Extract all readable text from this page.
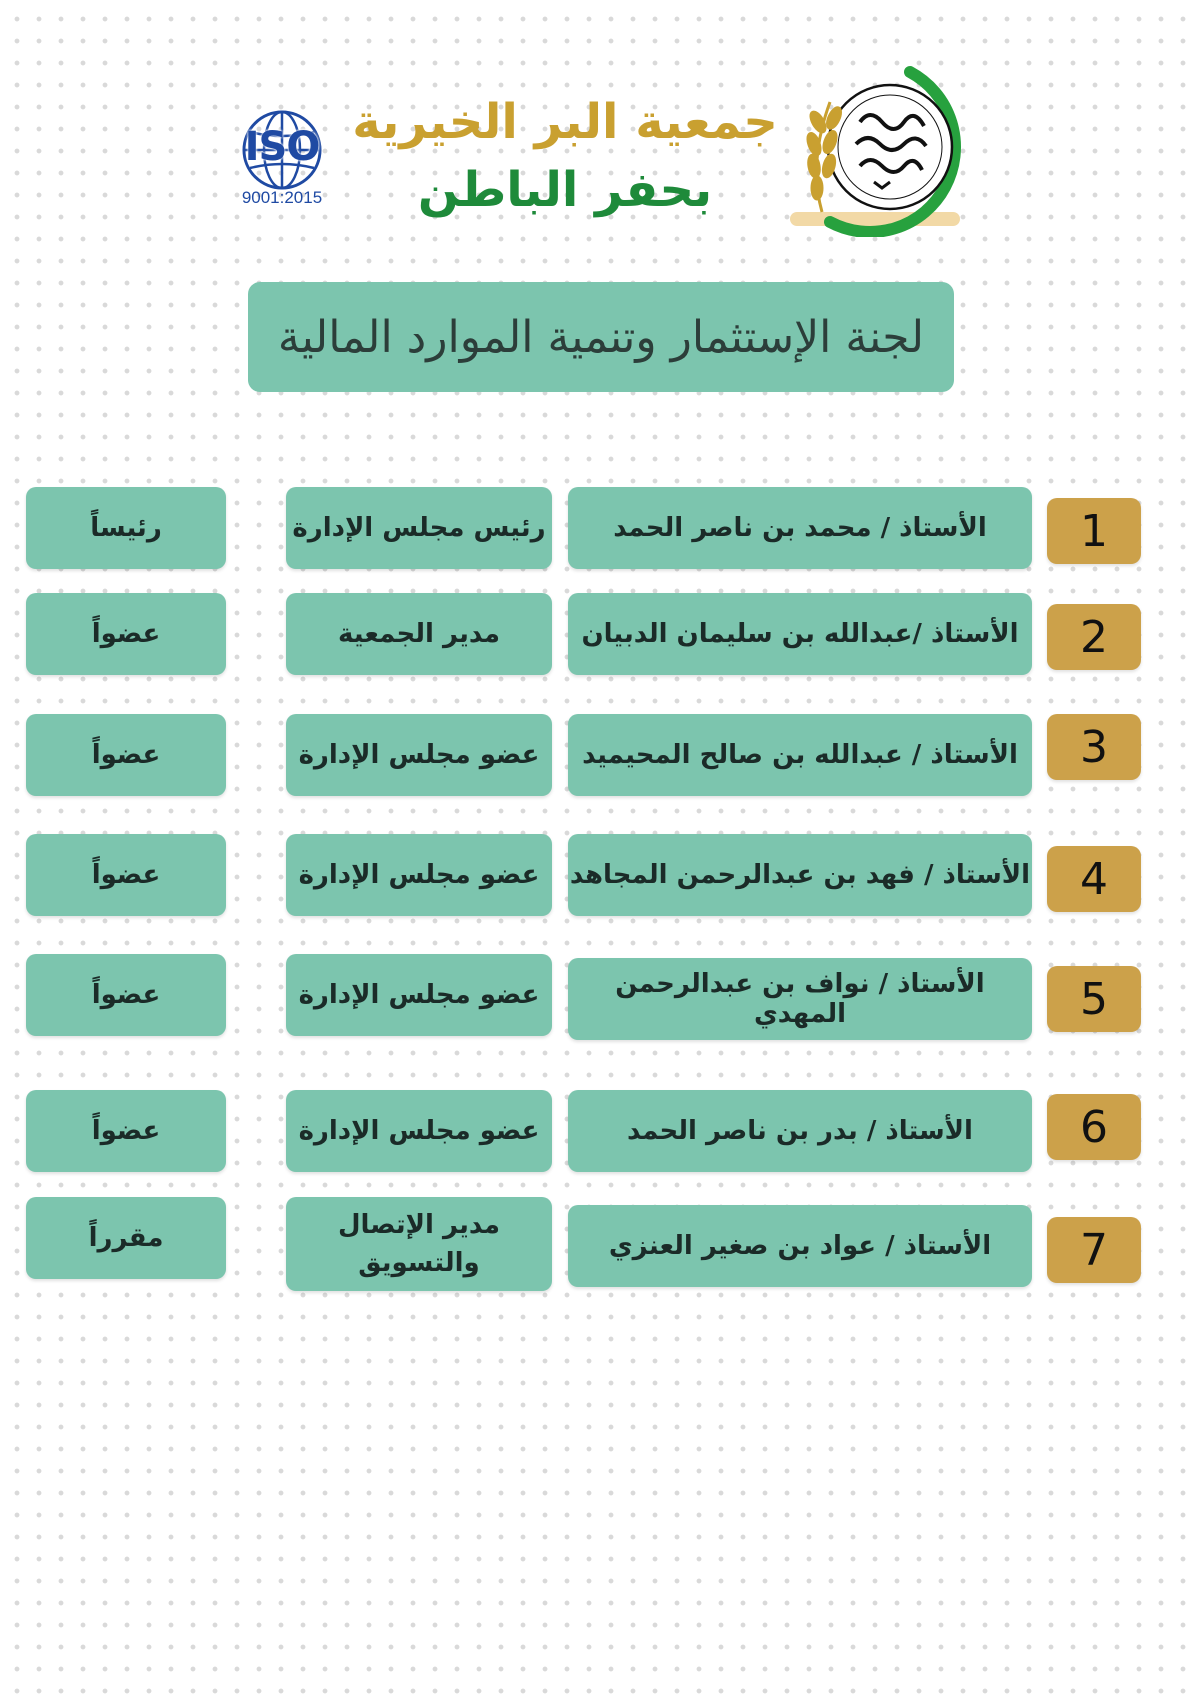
ISO
9001:2015
جمعية البر الخيرية
بحفر الباطن
لجنة الإستثمار وتنمية الموارد المالية
1
الأستاذ / محمد بن ناصر الحمد
رئيس مجلس الإدارة
رئيساً
2
الأستاذ /عبدالله بن سليمان الدبيان
مدير الجمعية
عضواً
3
الأستاذ / عبدالله بن صالح المحيميد
عضو مجلس الإدارة
عضواً
4
الأستاذ / فهد بن عبدالرحمن المجاهد
عضو مجلس الإدارة
عضواً
5
الأستاذ / نواف بن عبدالرحمن المهدي
عضو مجلس الإدارة
عضواً
6
الأستاذ / بدر بن ناصر الحمد
عضو مجلس الإدارة
عضواً
7
الأستاذ / عواد بن صغير العنزي
مدير الإتصال والتسويق
مقرراً
